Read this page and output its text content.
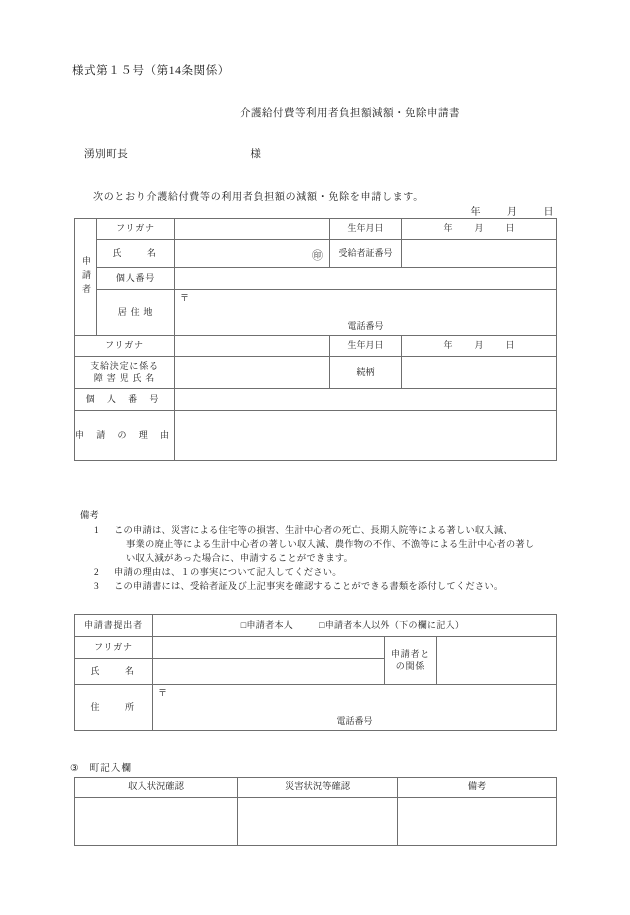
様式第１５号（第14条関係）
介護給付費等利用者負担額減額・免除申請書
湧別町長	様
次のとおり介護給付費等の利用者負担額の減額・免除を申請します。
年	月	日
申請者	フリガナ		生年月日	年 月 日
	氏　　名	㊞	受給者証番号	

	個人番号			

	居 住 地	〒
電話番号		

フリガナ			生年月日	年 月 日

支給決定に係る
障 害 児 氏 名			続柄	
個 人 番 号				

申 請 の 理 由				
備考
1 この申請は、災害による住宅等の損害、生計中心者の死亡、長期入院等による著しい収入減、
事業の廃止等による生計中心者の著しい収入減、農作物の不作、不漁等による生計中心者の著し
い収入減があった場合に、申請することができます。
2 申請の理由は、１の事実について記入してください。
3 この申請書には、受給者証及び上記事実を確認することができる書類を添付してください。
申請書提出者	□申請者本人 □申請者本人以外（下の欄に記入）		
フリガナ		申請者と
の関係	

氏　　名			
住　　所	〒
電話番号		
③ 町記入欄
収入状況確認	災害状況等確認	備考
